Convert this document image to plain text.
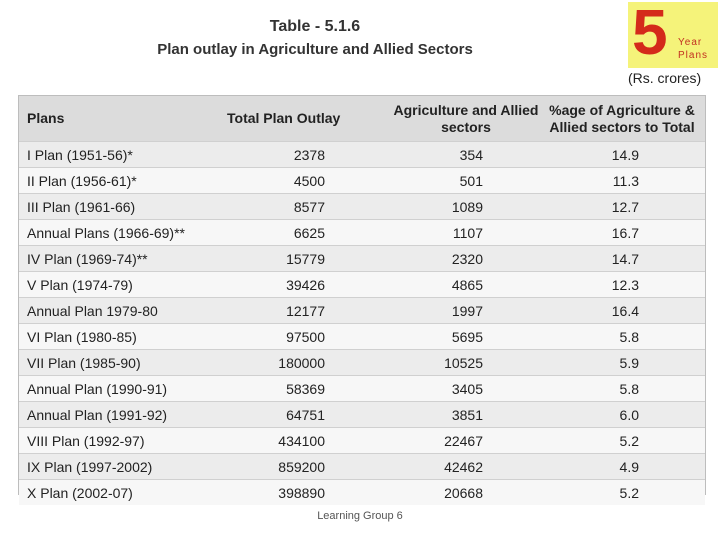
Table - 5.1.6
Plan outlay in Agriculture and Allied Sectors	5 Year
Plans
(Rs. crores)
Plans	Total Plan Outlay	Agriculture and Allied sectors	%age of Agriculture & Allied sectors to Total
I Plan (1951-56)*	2378	354	14.9
II Plan (1956-61)*	4500	501	11.3
III Plan (1961-66)	8577	1089	12.7
Annual Plans (1966-69)**	6625	1107	16.7
IV Plan (1969-74)**	15779	2320	14.7
V Plan (1974-79)	39426	4865	12.3
Annual Plan 1979-80	12177	1997	16.4
VI Plan (1980-85)	97500	5695	5.8
VII Plan (1985-90)	180000	10525	5.9
Annual Plan (1990-91)	58369	3405	5.8
Annual Plan (1991-92)	64751	3851	6.0
VIII Plan (1992-97)	434100	22467	5.2
IX Plan (1997-2002)	859200	42462	4.9
X Plan (2002-07)	398890	20668	5.2
Learning Group 6
